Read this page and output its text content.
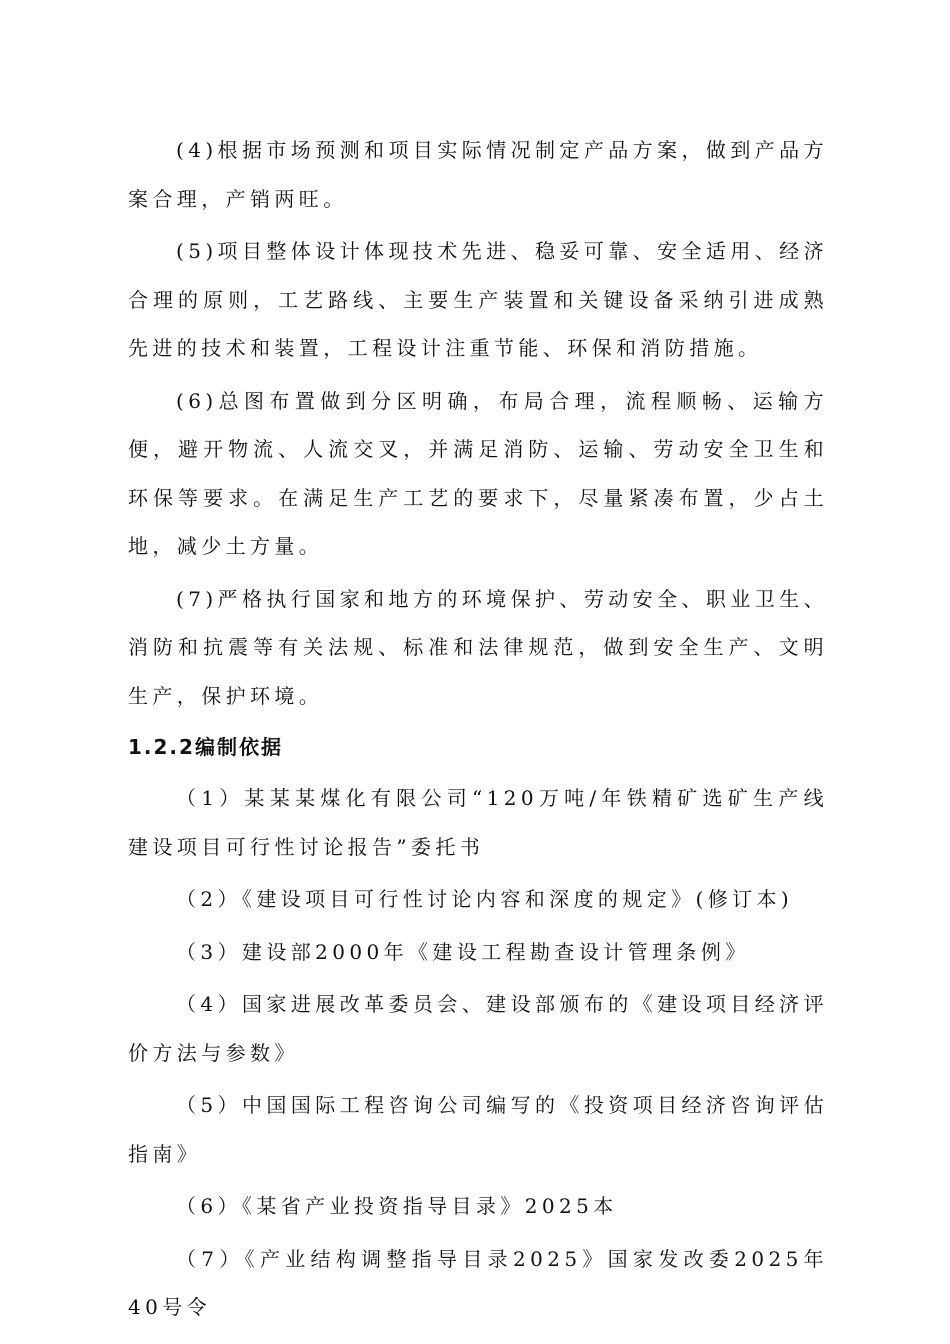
(4)根据市场预测和项目实际情况制定产品方案，做到产品方案合理，产销两旺。

(5)项目整体设计体现技术先进、稳妥可靠、安全适用、经济合理的原则，工艺路线、主要生产装置和关键设备采纳引进成熟先进的技术和装置，工程设计注重节能、环保和消防措施。

(6)总图布置做到分区明确，布局合理，流程顺畅、运输方便，避开物流、人流交叉，并满足消防、运输、劳动安全卫生和环保等要求。在满足生产工艺的要求下，尽量紧凑布置，少占土地，减少土方量。

(7)严格执行国家和地方的环境保护、劳动安全、职业卫生、消防和抗震等有关法规、标准和法律规范，做到安全生产、文明生产，保护环境。

1.2.2编制依据

（1）某某某煤化有限公司“120万吨/年铁精矿选矿生产线建设项目可行性讨论报告”委托书

（2）《建设项目可行性讨论内容和深度的规定》(修订本)

（3）建设部2000年《建设工程勘查设计管理条例》

（4）国家进展改革委员会、建设部颁布的《建设项目经济评价方法与参数》

（5）中国国际工程咨询公司编写的《投资项目经济咨询评估指南》

（6）《某省产业投资指导目录》2025本

（7）《产业结构调整指导目录2025》国家发改委2025年40号令
